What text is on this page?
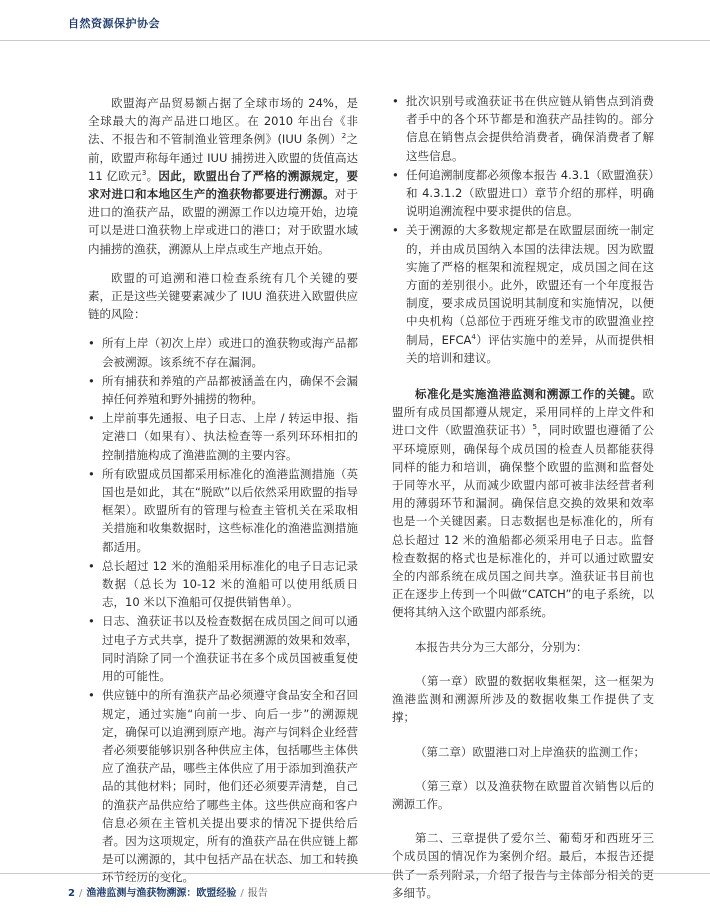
自然资源保护协会

欧盟海产品贸易额占据了全球市场的 24%，是全球最大的海产品进口地区。在 2010 年出台《非法、不报告和不管制渔业管理条例》(IUU 条例）$^2$之前，欧盟声称每年通过 IUU 捕捞进入欧盟的货值高达 11 亿欧元$^3$。因此，欧盟出台了严格的溯源规定，要求对进口和本地区生产的渔获物都要进行溯源。对于进口的渔获产品，欧盟的溯源工作以边境开始，边境可以是进口渔获物上岸或进口的港口；对于欧盟水域内捕捞的渔获，溯源从上岸点或生产地点开始。

欧盟的可追溯和港口检查系统有几个关键的要素，正是这些关键要素减少了 IUU 渔获进入欧盟供应链的风险：

• 所有上岸（初次上岸）或进口的渔获物或海产品都会被溯源。该系统不存在漏洞。
• 所有捕获和养殖的产品都被涵盖在内，确保不会漏掉任何养殖和野外捕捞的物种。
• 上岸前事先通报、电子日志、上岸 / 转运申报、指定港口（如果有）、执法检查等一系列环环相扣的控制措施构成了渔港监测的主要内容。
• 所有欧盟成员国都采用标准化的渔港监测措施（英国也是如此，其在“脱欧”以后依然采用欧盟的指导框架）。欧盟所有的管理与检查主管机关在采取相关措施和收集数据时，这些标准化的渔港监测措施都适用。
• 总长超过 12 米的渔船采用标准化的电子日志记录数据（总长为 10-12 米的渔船可以使用纸质日志，10 米以下渔船可仅提供销售单）。
• 日志、渔获证书以及检查数据在成员国之间可以通过电子方式共享，提升了数据溯源的效果和效率，同时消除了同一个渔获证书在多个成员国被重复使用的可能性。
• 供应链中的所有渔获产品必须遵守食品安全和召回规定，通过实施“向前一步、向后一步”的溯源规定，确保可以追溯到原产地。海产与饲料企业经营者必须要能够识别各种供应主体，包括哪些主体供应了渔获产品，哪些主体供应了用于添加到渔获产品的其他材料；同时，他们还必须要弄清楚，自己的渔获产品供应给了哪些主体。这些供应商和客户信息必须在主管机关提出要求的情况下提供给后者。因为这项规定，所有的渔获产品在供应链上都是可以溯源的，其中包括产品在状态、加工和转换环节经历的变化。
• 批次识别号或渔获证书在供应链从销售点到消费者手中的各个环节都是和渔获产品挂钩的。部分信息在销售点会提供给消费者，确保消费者了解这些信息。
• 任何追溯制度都必须像本报告 4.3.1（欧盟渔获）和 4.3.1.2（欧盟进口）章节介绍的那样，明确说明追溯流程中要求提供的信息。
• 关于溯源的大多数规定都是在欧盟层面统一制定的，并由成员国纳入本国的法律法规。因为欧盟实施了严格的框架和流程规定，成员国之间在这方面的差别很小。此外，欧盟还有一个年度报告制度，要求成员国说明其制度和实施情况，以便中央机构（总部位于西班牙维戈市的欧盟渔业控制局，EFCA$^4$）评估实施中的差异，从而提供相关的培训和建议。

标准化是实施渔港监测和溯源工作的关键。欧盟所有成员国都遵从规定，采用同样的上岸文件和进口文件（欧盟渔获证书）$^5$，同时欧盟也遵循了公平环境原则，确保每个成员国的检查人员都能获得同样的能力和培训，确保整个欧盟的监测和监督处于同等水平，从而减少欧盟内部可被非法经营者利用的薄弱环节和漏洞。确保信息交换的效果和效率也是一个关键因素。日志数据也是标准化的，所有总长超过 12 米的渔船都必须采用电子日志。监督检查数据的格式也是标准化的，并可以通过欧盟安全的内部系统在成员国之间共享。渔获证书目前也正在逐步上传到一个叫做“CATCH”的电子系统，以便将其纳入这个欧盟内部系统。

本报告共分为三大部分，分别为：

（第一章）欧盟的数据收集框架，这一框架为渔港监测和溯源所涉及的数据收集工作提供了支撑；

（第二章）欧盟港口对上岸渔获的监测工作；

（第三章）以及渔获物在欧盟首次销售以后的溯源工作。

第二、三章提供了爱尔兰、葡萄牙和西班牙三个成员国的情况作为案例介绍。最后，本报告还提供了一系列附录，介绍了报告与主体部分相关的更多细节。

2 / 渔港监测与渔获物溯源：欧盟经验 / 报告
